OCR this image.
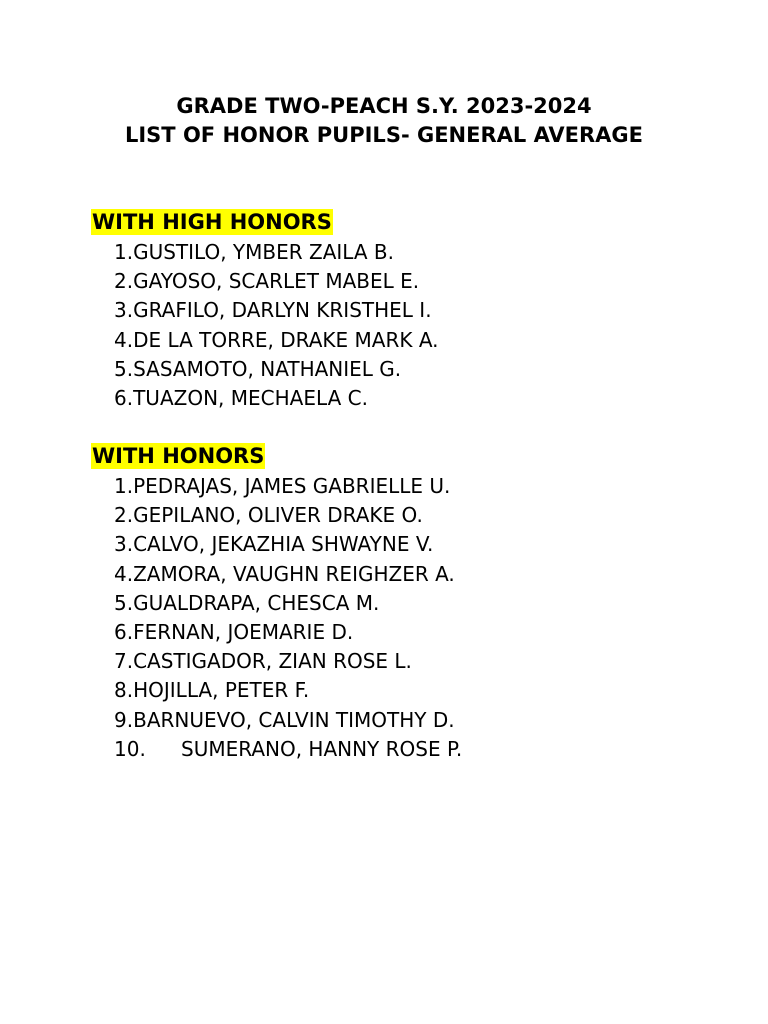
GRADE TWO-PEACH S.Y. 2023-2024
LIST OF HONOR PUPILS- GENERAL AVERAGE
WITH HIGH HONORS
1.GUSTILO, YMBER ZAILA B.
2.GAYOSO, SCARLET MABEL E.
3.GRAFILO, DARLYN KRISTHEL I.
4.DE LA TORRE, DRAKE MARK A.
5.SASAMOTO, NATHANIEL G.
6.TUAZON, MECHAELA C.
WITH HONORS
1.PEDRAJAS, JAMES GABRIELLE U.
2.GEPILANO, OLIVER DRAKE O.
3.CALVO, JEKAZHIA SHWAYNE V.
4.ZAMORA, VAUGHN REIGHZER A.
5.GUALDRAPA, CHESCA M.
6.FERNAN, JOEMARIE D.
7.CASTIGADOR, ZIAN ROSE L.
8.HOJILLA, PETER F.
9.BARNUEVO, CALVIN TIMOTHY D.
10. SUMERANO, HANNY ROSE P.
